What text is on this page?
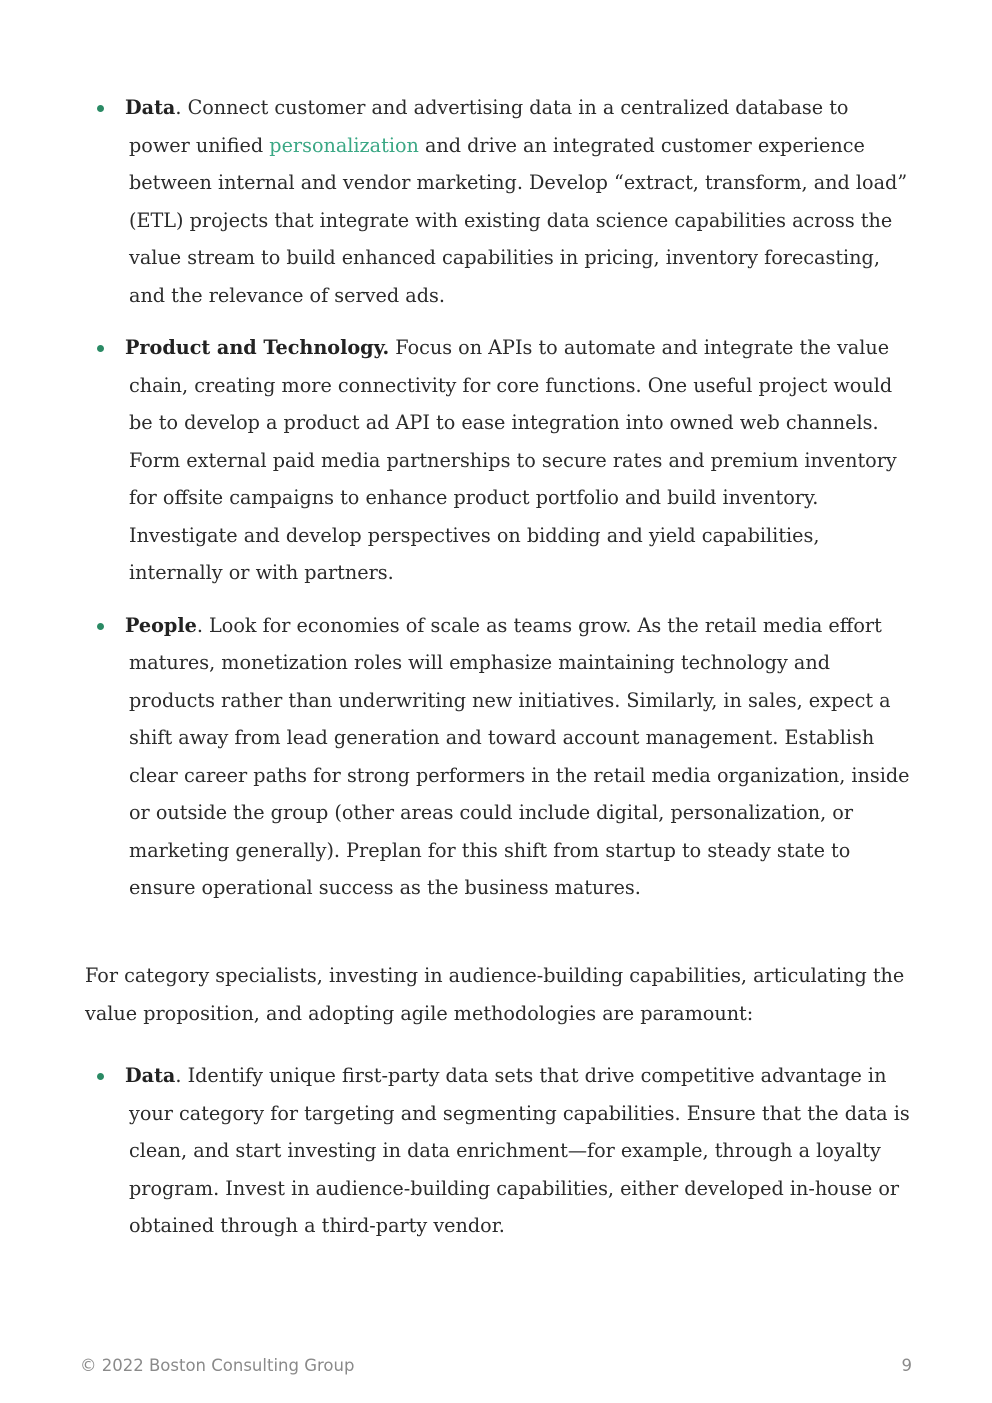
Data. Connect customer and advertising data in a centralized database to power unified personalization and drive an integrated customer experience between internal and vendor marketing. Develop “extract, transform, and load” (ETL) projects that integrate with existing data science capabilities across the value stream to build enhanced capabilities in pricing, inventory forecasting, and the relevance of served ads.
Product and Technology. Focus on APIs to automate and integrate the value chain, creating more connectivity for core functions. One useful project would be to develop a product ad API to ease integration into owned web channels. Form external paid media partnerships to secure rates and premium inventory for offsite campaigns to enhance product portfolio and build inventory. Investigate and develop perspectives on bidding and yield capabilities, internally or with partners.
People. Look for economies of scale as teams grow. As the retail media effort matures, monetization roles will emphasize maintaining technology and products rather than underwriting new initiatives. Similarly, in sales, expect a shift away from lead generation and toward account management. Establish clear career paths for strong performers in the retail media organization, inside or outside the group (other areas could include digital, personalization, or marketing generally). Preplan for this shift from startup to steady state to ensure operational success as the business matures.

For category specialists, investing in audience-building capabilities, articulating the value proposition, and adopting agile methodologies are paramount:

Data. Identify unique first-party data sets that drive competitive advantage in your category for targeting and segmenting capabilities. Ensure that the data is clean, and start investing in data enrichment—for example, through a loyalty program. Invest in audience-building capabilities, either developed in-house or obtained through a third-party vendor.
© 2022 Boston Consulting Group	9
